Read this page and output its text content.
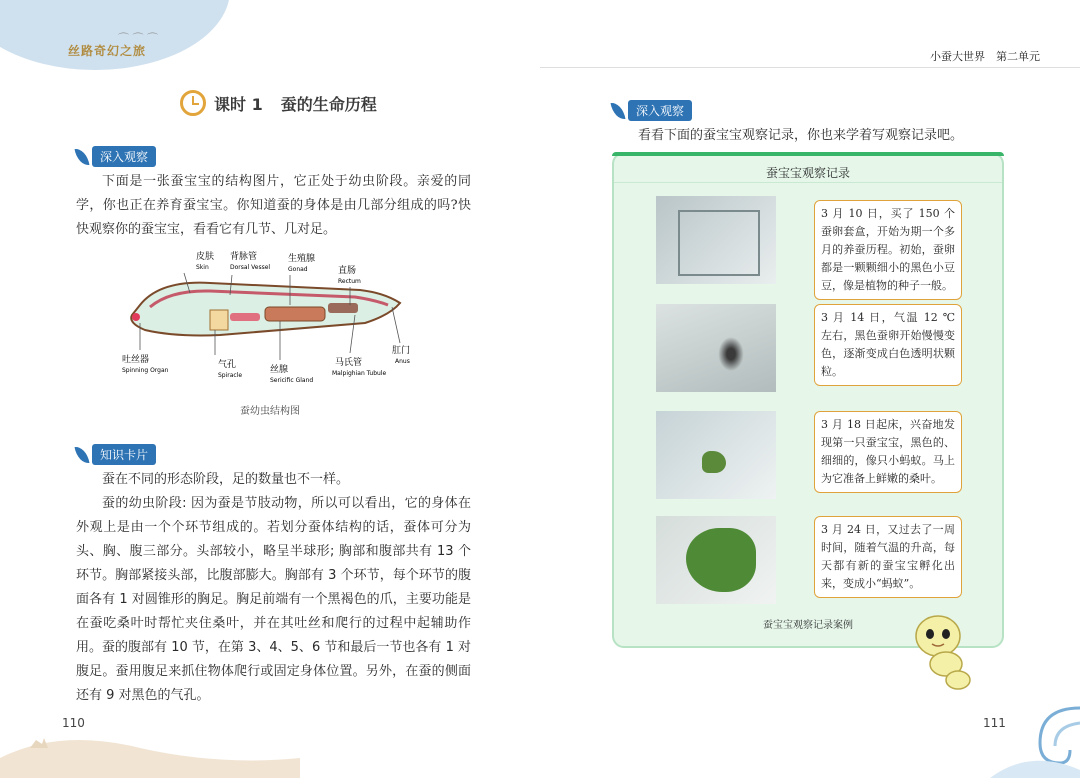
⌒ ⌒ ⌒
丝路奇幻之旅
课时 1 蚕的生命历程
深入观察

下面是一张蚕宝宝的结构图片，它正处于幼虫阶段。亲爱的同学，你也正在养育蚕宝宝。你知道蚕的身体是由几部分组成的吗?快快观察你的蚕宝宝，看看它有几节、几对足。

皮肤
Skin
背脉管
Dorsal Vessel
生殖腺
Gonad	直肠
Rectum
吐丝器
Spinning Organ
气孔
Spiracle
丝腺
Sericific Gland
马氏管
Malpighian Tubule
肛门
Anus
蚕幼虫结构图
知识卡片

蚕在不同的形态阶段，足的数量也不一样。

蚕的幼虫阶段: 因为蚕是节肢动物，所以可以看出，它的身体在外观上是由一个个环节组成的。若划分蚕体结构的话，蚕体可分为头、胸、腹三部分。头部较小，略呈半球形; 胸部和腹部共有 13 个环节。胸部紧接头部，比腹部膨大。胸部有 3 个环节，每个环节的腹面各有 1 对圆锥形的胸足。胸足前端有一个黑褐色的爪，主要功能是在蚕吃桑叶时帮忙夹住桑叶，并在其吐丝和爬行的过程中起辅助作用。蚕的腹部有 10 节，在第 3、4、5、6 节和最后一节也各有 1 对腹足。蚕用腹足来抓住物体爬行或固定身体位置。另外，在蚕的侧面还有 9 对黑色的气孔。

110
小蚕大世界　第二单元
深入观察

看看下面的蚕宝宝观察记录，你也来学着写观察记录吧。

蚕宝宝观察记录
3 月 10 日，买了 150 个蚕卵套盒，开始为期一个多月的养蚕历程。初始，蚕卵都是一颗颗细小的黑色小豆豆，像是植物的种子一般。
3 月 14 日，气温 12 ℃ 左右，黑色蚕卵开始慢慢变色，逐渐变成白色透明状颗粒。
3 月 18 日起床，兴奋地发现第一只蚕宝宝，黑色的、细细的，像只小蚂蚁。马上为它准备上鲜嫩的桑叶。
3 月 24 日，又过去了一周时间，随着气温的升高，每天都有新的蚕宝宝孵化出来，变成小“蚂蚁”。
蚕宝宝观察记录案例
111
